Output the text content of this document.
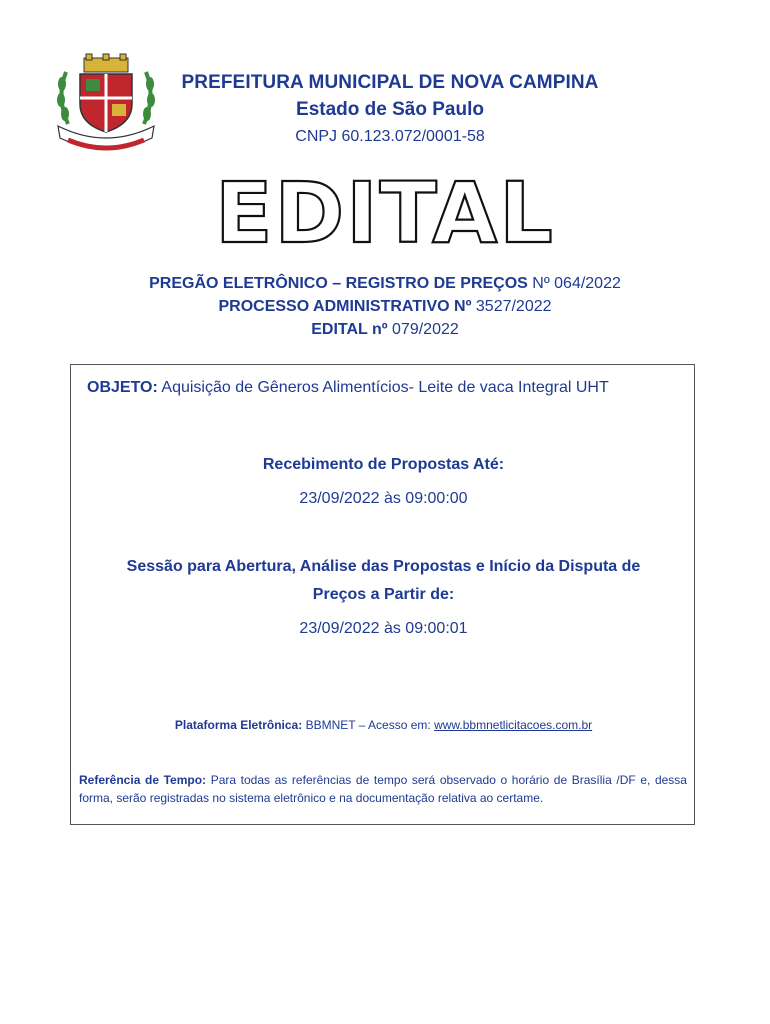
PREFEITURA MUNICIPAL DE NOVA CAMPINA
Estado de São Paulo
CNPJ 60.123.072/0001-58
EDITAL
PREGÃO ELETRÔNICO – REGISTRO DE PREÇOS Nº 064/2022
PROCESSO ADMINISTRATIVO Nº 3527/2022
EDITAL nº 079/2022
OBJETO: Aquisição de Gêneros Alimentícios- Leite de vaca Integral UHT
Recebimento de Propostas Até:
23/09/2022 às 09:00:00
Sessão para Abertura, Análise das Propostas e Início da Disputa de
Preços a Partir de:
23/09/2022 às 09:00:01
Plataforma Eletrônica: BBMNET – Acesso em: www.bbmnetlicitacoes.com.br
Referência de Tempo: Para todas as referências de tempo será observado o horário de Brasília /DF e, dessa forma, serão registradas no sistema eletrônico e na documentação relativa ao certame.
